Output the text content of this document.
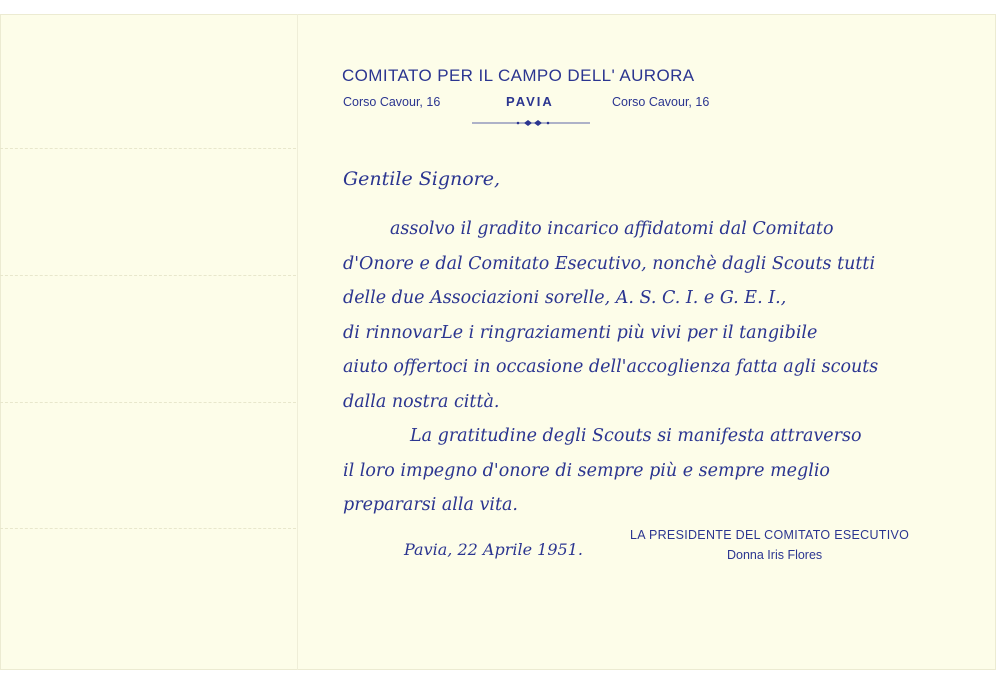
COMITATO PER IL CAMPO DELL' AURORA
Corso Cavour, 16	PAVIA	Corso Cavour, 16
Gentile Signore,
assolvo il gradito incarico affidatomi dal Comitato
d'Onore e dal Comitato Esecutivo, nonchè dagli Scouts tutti
delle due Associazioni sorelle, A. S. C. I. e G. E. I.,
di rinnovarLe i ringraziamenti più vivi per il tangibile
aiuto offertoci in occasione dell'accoglienza fatta agli scouts
dalla nostra città.
La gratitudine degli Scouts si manifesta attraverso
il loro impegno d'onore di sempre più e sempre meglio
prepararsi alla vita.
Pavia, 22 Aprile 1951.
LA PRESIDENTE DEL COMITATO ESECUTIVO
Donna Iris Flores
